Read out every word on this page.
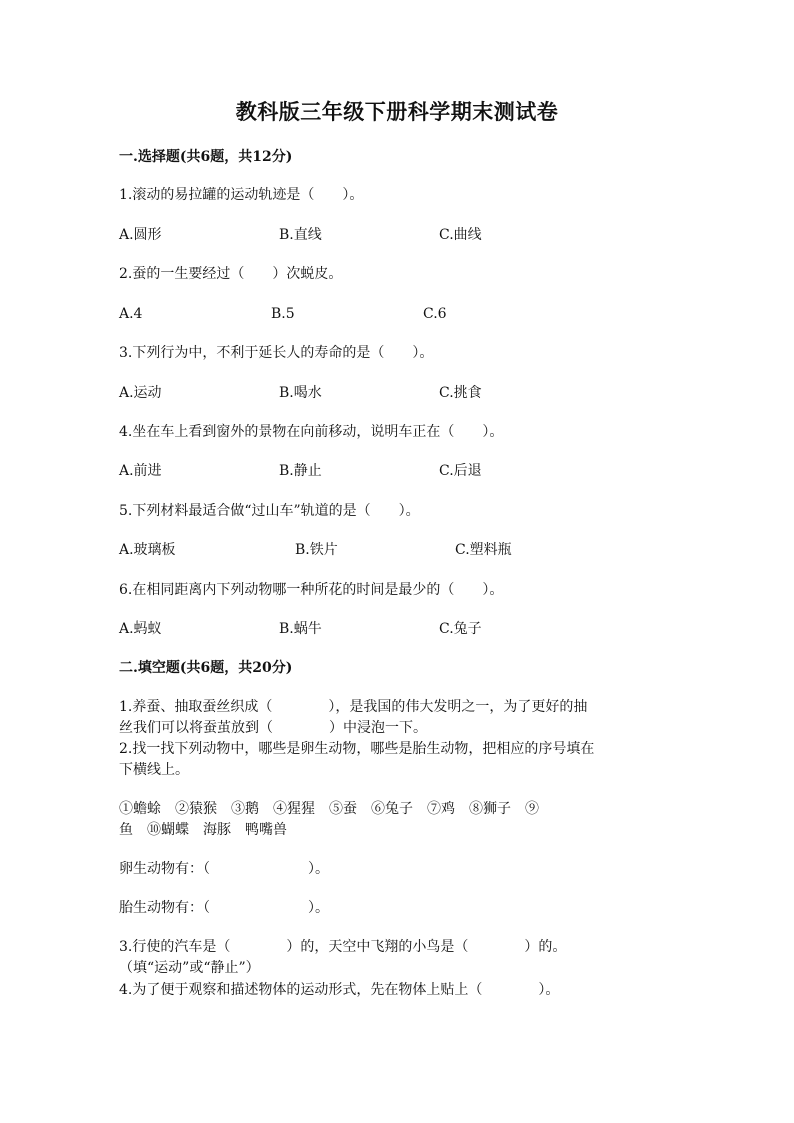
教科版三年级下册科学期末测试卷
一.选择题(共6题，共12分)
1.滚动的易拉罐的运动轨迹是（　　）。
A.圆形	B.直线	C.曲线
2.蚕的一生要经过（　　）次蜕皮。
A.4	B.5	C.6
3.下列行为中，不利于延长人的寿命的是（　　）。
A.运动	B.喝水	C.挑食
4.坐在车上看到窗外的景物在向前移动，说明车正在（　　）。
A.前进	B.静止	C.后退
5.下列材料最适合做“过山车”轨道的是（　　）。
A.玻璃板	B.铁片	C.塑料瓶
6.在相同距离内下列动物哪一种所花的时间是最少的（　　）。
A.蚂蚁	B.蜗牛	C.兔子
二.填空题(共6题，共20分)
1.养蚕、抽取蚕丝织成（　　　　），是我国的伟大发明之一，为了更好的抽
丝我们可以将蚕茧放到（　　　　）中浸泡一下。
2.找一找下列动物中，哪些是卵生动物，哪些是胎生动物，把相应的序号填在
下横线上。
①蟾蜍　②猿猴　③鹅　④猩猩　⑤蚕　⑥兔子　⑦鸡　⑧狮子　⑨
鱼　⑩蝴蝶　海豚　鸭嘴兽
卵生动物有：（　　　　　　　）。
胎生动物有：（　　　　　　　）。
3.行使的汽车是（　　　　）的，天空中飞翔的小鸟是（　　　　）的。
（填“运动”或“静止”）
4.为了便于观察和描述物体的运动形式，先在物体上贴上（　　　　）。
